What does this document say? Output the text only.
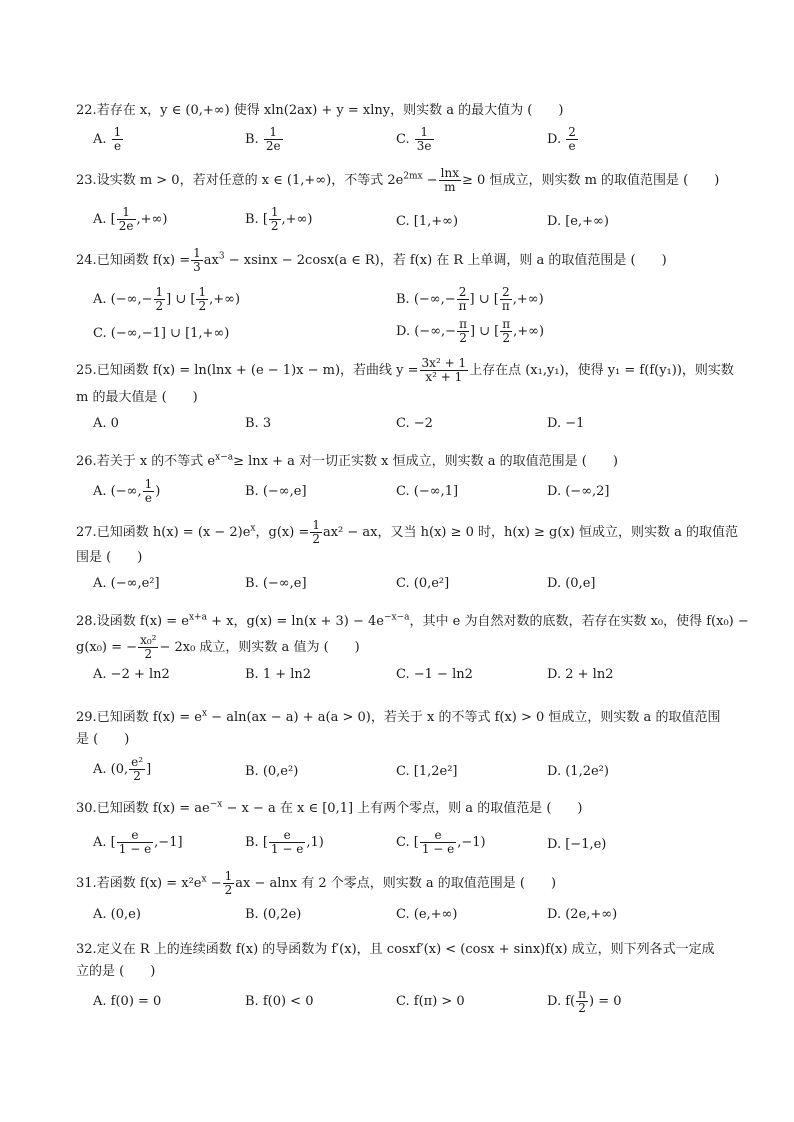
22.若存在 x，y ∈ (0,+∞) 使得 xln(2ax) + y = xlny，则实数 a 的最大值为 (　　)
A. $\frac{1}{e}$	B. $\frac{1}{2e}$	C. $\frac{1}{3e}$	D. $\frac{2}{e}$
23.设实数 m > 0，若对任意的 x ∈ (1,+∞)，不等式 $2e^{2mx} - \frac{\ln x}{m} \ge 0$ 恒成立，则实数 m 的取值范围是 (　　)
A. [ $\frac{1}{2e}$ ,+∞)	B. [ $\frac{1}{2}$ ,+∞)	C. [1,+∞)	D. [e,+∞)
24.已知函数 $f(x) = \frac{1}{3} ax^3 - xsinx - 2\cos x(a$ ∈ R)，若 f(x) 在 R 上单调，则 a 的取值范围是 (　　)
A. (−∞,− $\frac{1}{2}$ ] ∪ [ $\frac{1}{2}$ ,+∞)	B. (−∞,− $\frac{2}{\pi}$ ] ∪ [ $\frac{2}{\pi}$ ,+∞)
C. (−∞,−1] ∪ [1,+∞)	D. (−∞,− $\frac{\pi}{2}$ ] ∪ [ $\frac{\pi}{2}$ ,+∞)
25.已知函数 f(x) = ln(lnx + (e − 1)x − m)，若曲线 $y = \frac{\text{3x² + 1}}{\text{x² + 1}}$ 上存在点 (x₁,y₁)，使得 y₁ = f(f(y₁))，则实数
m 的最大值是 (　　)
A. 0	B. 3	C. −2	D. −1
26.若关于 x 的不等式 $e^{x-a}\ge \ln x + a$ 对一切正实数 x 恒成立，则实数 a 的取值范围是 (　　)
A. (−∞, $\frac{1}{e}$ )	B. (−∞,e]	C. (−∞,1]	D. (−∞,2]
27.已知函数 $h(x) = (x - 2)e^x$，$g(x) = \frac{1}{2} ax^2$ − ax，又当 h(x) ≥ 0 时，h(x) ≥ g(x) 恒成立，则实数 a 的取值范
围是 (　　)
A. (−∞,e²]	B. (−∞,e]	C. (0,e²]	D. (0,e]
28.设函数 $f(x) = e^{x+a} + x$，$g(x) = \ln(x + 3) - 4e^{-x-a}$，其中 e 为自然对数的底数，若存在实数 x₀，使得 f(x₀) −
g(x₀) = − $\frac{\text{x₀²}}{2} - 2x_0$ 成立，则实数 a 值为 (　　)
A. −2 + ln2	B. 1 + ln2	C. −1 − ln2	D. 2 + ln2
29.已知函数 $f(x) = e^x - aln(ax - a) + a(a > 0)$，若关于 x 的不等式 f(x) > 0 恒成立，则实数 a 的取值范围
是 (　　)
A. (0, $\frac{\text{e²}}{2}$ ]	B. (0,e²)	C. [1,2e²]	D. (1,2e²)
30.已知函数 $f(x) = ae^{-x} - x - a$ 在 x ∈ [0,1] 上有两个零点，则 a 的取值范是 (　　)
A. [ $\frac{e}{1 - e} ,-1$]	B. [ $\frac{e}{1 - e} ,1$)	C. [ $\frac{e}{1 - e} ,-1$)	D. [−1,e)
31.若函数 $f(x) = x^2e^x - \frac{1}{2}$ ax − alnx 有 2 个零点，则实数 a 的取值范围是 (　　)
A. (0,e)	B. (0,2e)	C. (e,+∞)	D. (2e,+∞)
32.定义在 R 上的连续函数 f(x) 的导函数为 f′(x)，且 cosxf′(x) < (cosx + sinx)f(x) 成立，则下列各式一定成
立的是 (　　)
A. f(0) = 0	B. f(0) < 0	C. f(π) > 0	D. $f( \frac{\pi}{2}$ ) = 0
